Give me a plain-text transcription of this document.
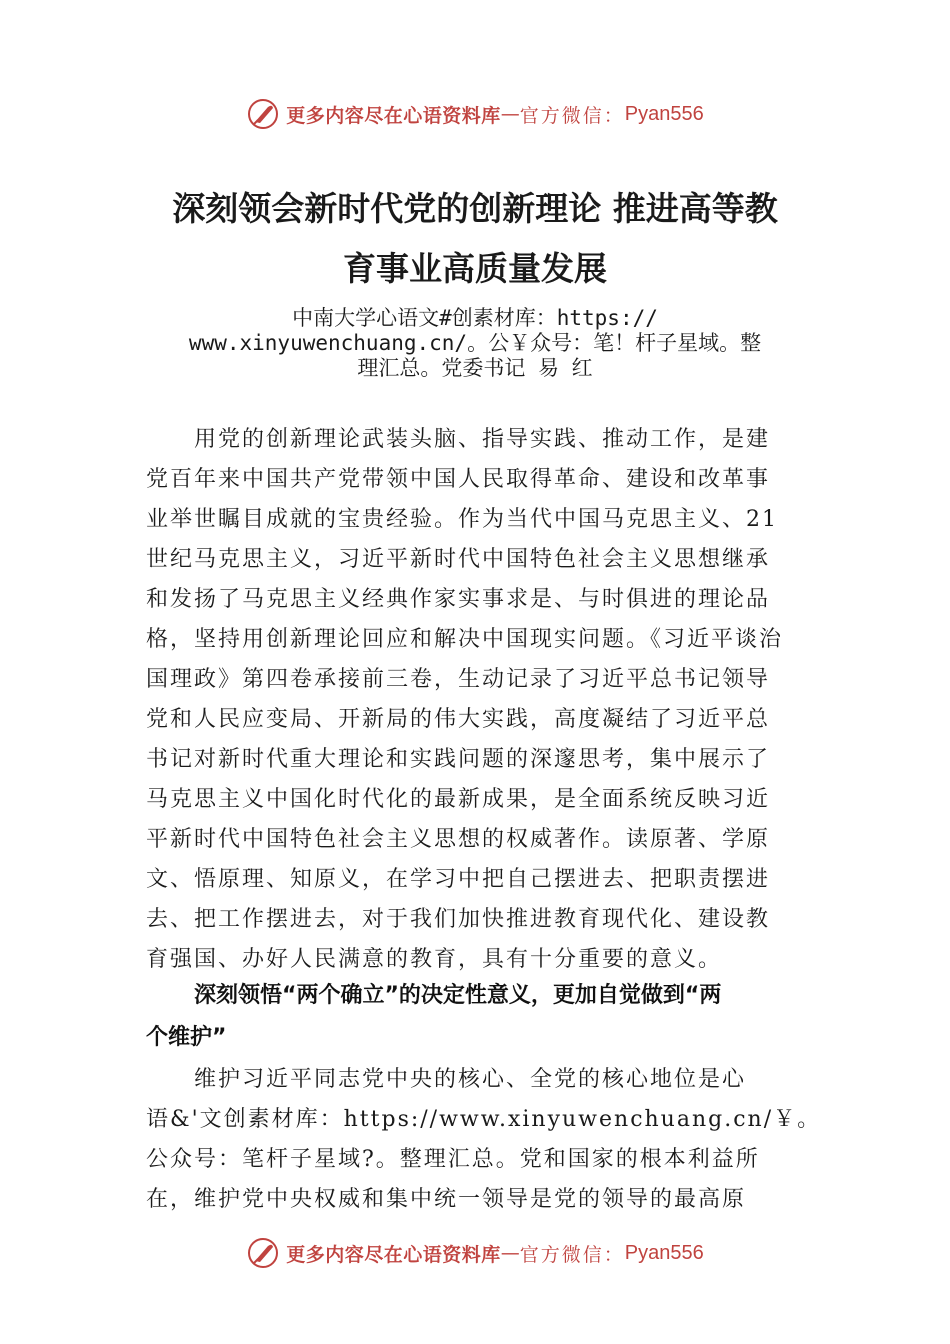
更多内容尽在心语资料库 — 官方微信： Pyan556
深刻领会新时代党的创新理论 推进高等教
育事业高质量发展
中南大学心语文#创素材库：https://
www.xinyuwenchuang.cn/。公￥众号：笔！杆子星域。整
理汇总。党委书记 易 红
用党的创新理论武装头脑、指导实践、推动工作，是建
党百年来中国共产党带领中国人民取得革命、建设和改革事
业举世瞩目成就的宝贵经验。作为当代中国马克思主义、21
世纪马克思主义，习近平新时代中国特色社会主义思想继承
和发扬了马克思主义经典作家实事求是、与时俱进的理论品
格，坚持用创新理论回应和解决中国现实问题。《习近平谈治
国理政》第四卷承接前三卷，生动记录了习近平总书记领导
党和人民应变局、开新局的伟大实践，高度凝结了习近平总
书记对新时代重大理论和实践问题的深邃思考，集中展示了
马克思主义中国化时代化的最新成果，是全面系统反映习近
平新时代中国特色社会主义思想的权威著作。读原著、学原
文、悟原理、知原义，在学习中把自己摆进去、把职责摆进
去、把工作摆进去，对于我们加快推进教育现代化、建设教
育强国、办好人民满意的教育，具有十分重要的意义。
深刻领悟“两个确立”的决定性意义，更加自觉做到“两
个维护”
维护习近平同志党中央的核心、全党的核心地位是心
语&'文创素材库：https://www.xinyuwenchuang.cn/￥。
公众号：笔杆子星域?。整理汇总。党和国家的根本利益所
在，维护党中央权威和集中统一领导是党的领导的最高原
更多内容尽在心语资料库 — 官方微信： Pyan556
